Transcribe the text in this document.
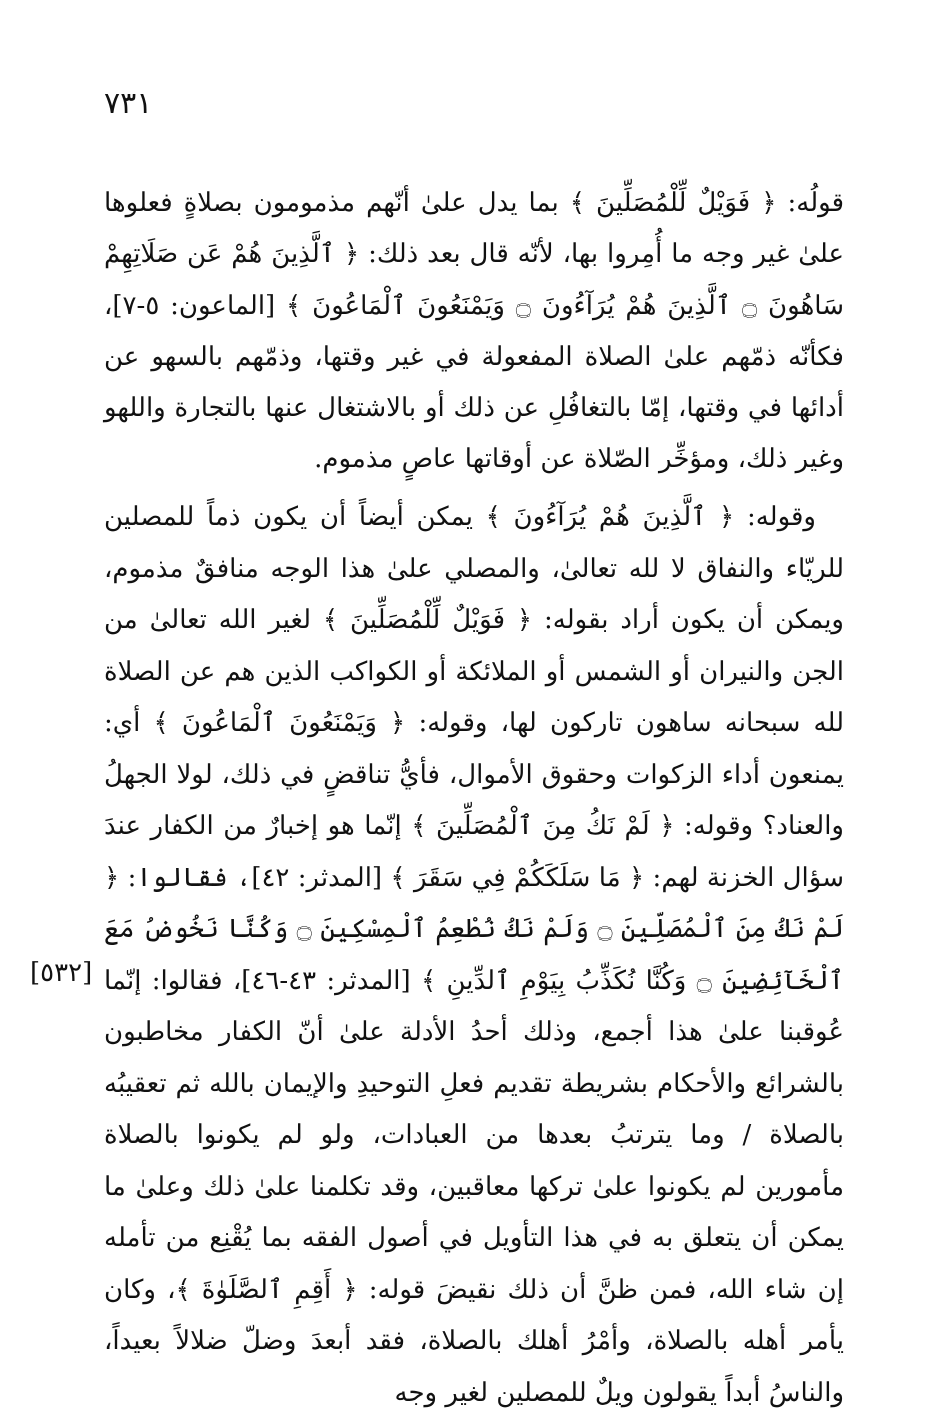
٧٣١
[٥٣٢]

قولُه: ﴿ فَوَيْلٌ لِّلْمُصَلِّينَ ﴾ بما يدل علىٰ أنّهم مذمومون بصلاةٍ فعلوها علىٰ غير وجه ما أُمِروا بها، لأنّه قال بعد ذلك: ﴿ ٱلَّذِينَ هُمْ عَن صَلَاتِهِمْ سَاهُونَ ۝ ٱلَّذِينَ هُمْ يُرَآءُونَ ۝ وَيَمْنَعُونَ ٱلْمَاعُونَ ﴾ [الماعون: ٥-٧]، فكأنّه ذمّهم علىٰ الصلاة المفعولة في غير وقتها، وذمّهم بالسهو عن أدائها في وقتها، إمّا بالتغافُلِ عن ذلك أو بالاشتغال عنها بالتجارة واللهو وغير ذلك، ومؤخِّر الصّلاة عن أوقاتها عاصٍ مذموم.

وقوله: ﴿ ٱلَّذِينَ هُمْ يُرَآءُونَ ﴾ يمكن أيضاً أن يكون ذماً للمصلين للريّاء والنفاق لا لله تعالىٰ، والمصلي علىٰ هذا الوجه منافقٌ مذموم، ويمكن أن يكون أراد بقوله: ﴿ فَوَيْلٌ لِّلْمُصَلِّينَ ﴾ لغير الله تعالىٰ من الجن والنيران أو الشمس أو الملائكة أو الكواكب الذين هم عن الصلاة لله سبحانه ساهون تاركون لها، وقوله: ﴿ وَيَمْنَعُونَ ٱلْمَاعُونَ ﴾ أي: يمنعون أداء الزكوات وحقوق الأموال، فأيُّ تناقضٍ في ذلك، لولا الجهلُ والعناد؟ وقوله: ﴿ لَمْ نَكُ مِنَ ٱلْمُصَلِّينَ ﴾ إنّما هو إخبارٌ من الكفار عندَ سؤال الخزنة لهم: ﴿ مَا سَلَكَكُمْ فِي سَقَرَ ﴾ [المدثر: ٤٢]، فقالوا: ﴿ لَمْ نَكُ مِنَ ٱلْمُصَلِّينَ ۝ وَلَمْ نَكُ نُطْعِمُ ٱلْمِسْكِينَ ۝ وَكُنَّا نَخُوضُ مَعَ ٱلْخَآئِضِينَ ۝ وَكُنَّا نُكَذِّبُ بِيَوْمِ ٱلدِّينِ ﴾ [المدثر: ٤٣-٤٦]، فقالوا: إنّما عُوقبنا علىٰ هذا أجمع، وذلك أحدُ الأدلة علىٰ أنّ الكفار مخاطبون بالشرائع والأحكام بشريطة تقديم فعلِ التوحيدِ والإيمان بالله ثم تعقيبُه بالصلاة / وما يترتبُ بعدها من العبادات، ولو لم يكونوا بالصلاة مأمورين لم يكونوا علىٰ تركها معاقبين، وقد تكلمنا علىٰ ذلك وعلىٰ ما يمكن أن يتعلق به في هذا التأويل في أصول الفقه بما يُقْنِع من تأمله إن شاء الله، فمن ظنَّ أن ذلك نقيضَ قوله: ﴿ أَقِمِ ٱلصَّلَوٰةَ ﴾، وكان يأمر أهله بالصلاة، وأمْرُ أهلك بالصلاة، فقد أبعدَ وضلّ ضلالاً بعيداً، والناسُ أبداً يقولون ويلٌ للمصلين لغير وجه
